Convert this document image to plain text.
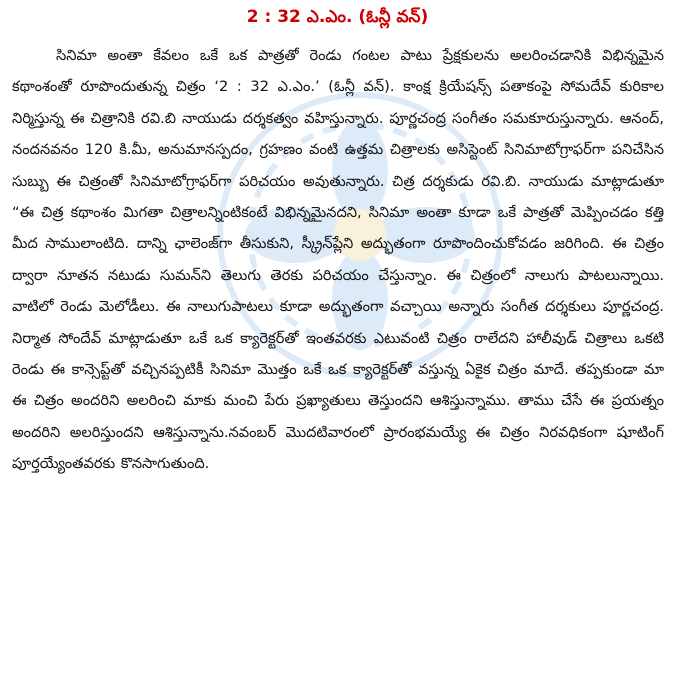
2 : 32 ఎ.ఎం. (ఓన్లీ వన్)

సినిమా అంతా కేవలం ఒకే ఒక పాత్రతో రెండు గంటల పాటు ప్రేక్షకులను అలరించడానికి విభిన్నమైన కథాంశంతో రూపొందుతున్న చిత్రం ‘2 : 32 ఎ.ఎం.’ (ఓన్లీ వన్). కాంక్ష క్రియేషన్స్ పతాకంపై సోమదేవ్ కురికాల నిర్మిస్తున్న ఈ చిత్రానికి రవి.బి నాయుడు దర్శకత్వం వహిస్తున్నారు. పూర్ణచంద్ర సంగీతం సమకూరుస్తున్నారు. ఆనంద్, నందనవనం 120 కి.మీ, అనుమానస్పదం, గ్రహణం వంటి ఉత్తమ చిత్రాలకు అసిస్టెంట్ సినిమాటోగ్రాఫర్‌గా పనిచేసిన సుబ్బు ఈ చిత్రంతో సినిమాటోగ్రాఫర్‌గా పరిచయం అవుతున్నారు. చిత్ర దర్శకుడు రవి.బి. నాయుడు మాట్లాడుతూ “ఈ చిత్ర కథాంశం మిగతా చిత్రాలన్నింటికంటే విభిన్నమైనదని, సినిమా అంతా కూడా ఒకే పాత్రతో మెప్పించడం కత్తి మీద సాములాంటిది. దాన్ని ఛాలెంజ్‌గా తీసుకుని, స్క్రీన్‌ప్లేని అద్భుతంగా రూపొందించుకోవడం జరిగింది. ఈ చిత్రం ద్వారా నూతన నటుడు సుమన్‌ని తెలుగు తెరకు పరిచయం చేస్తున్నాం. ఈ చిత్రంలో నాలుగు పాటలున్నాయి. వాటిలో రెండు మెలోడీలు. ఈ నాలుగుపాటలు కూడా అద్భుతంగా వచ్చాయి అన్నారు సంగీత దర్శకులు పూర్ణచంద్ర. నిర్మాత సోందేవ్ మాట్లాడుతూ ఒకే ఒక క్యారెక్టర్‌తో ఇంతవరకు ఎటువంటి చిత్రం రాలేదని హాలీవుడ్ చిత్రాలు ఒకటి రెండు ఈ కాన్సెప్ట్‌తో వచ్చినప్పటికీ సినిమా మొత్తం ఒకే ఒక క్యారెక్టర్‌తో వస్తున్న ఏకైక చిత్రం మాదే. తప్పకుండా మా ఈ చిత్రం అందరిని అలరించి మాకు మంచి పేరు ప్రఖ్యాతులు తెస్తుందని ఆశిస్తున్నాము. తాము చేసే ఈ ప్రయత్నం అందరిని అలరిస్తుందని ఆశిస్తున్నాను.నవంబర్ మొదటివారంలో ప్రారంభమయ్యే ఈ చిత్రం నిరవధికంగా షూటింగ్ పూర్తయ్యేంతవరకు కొనసాగుతుంది.
